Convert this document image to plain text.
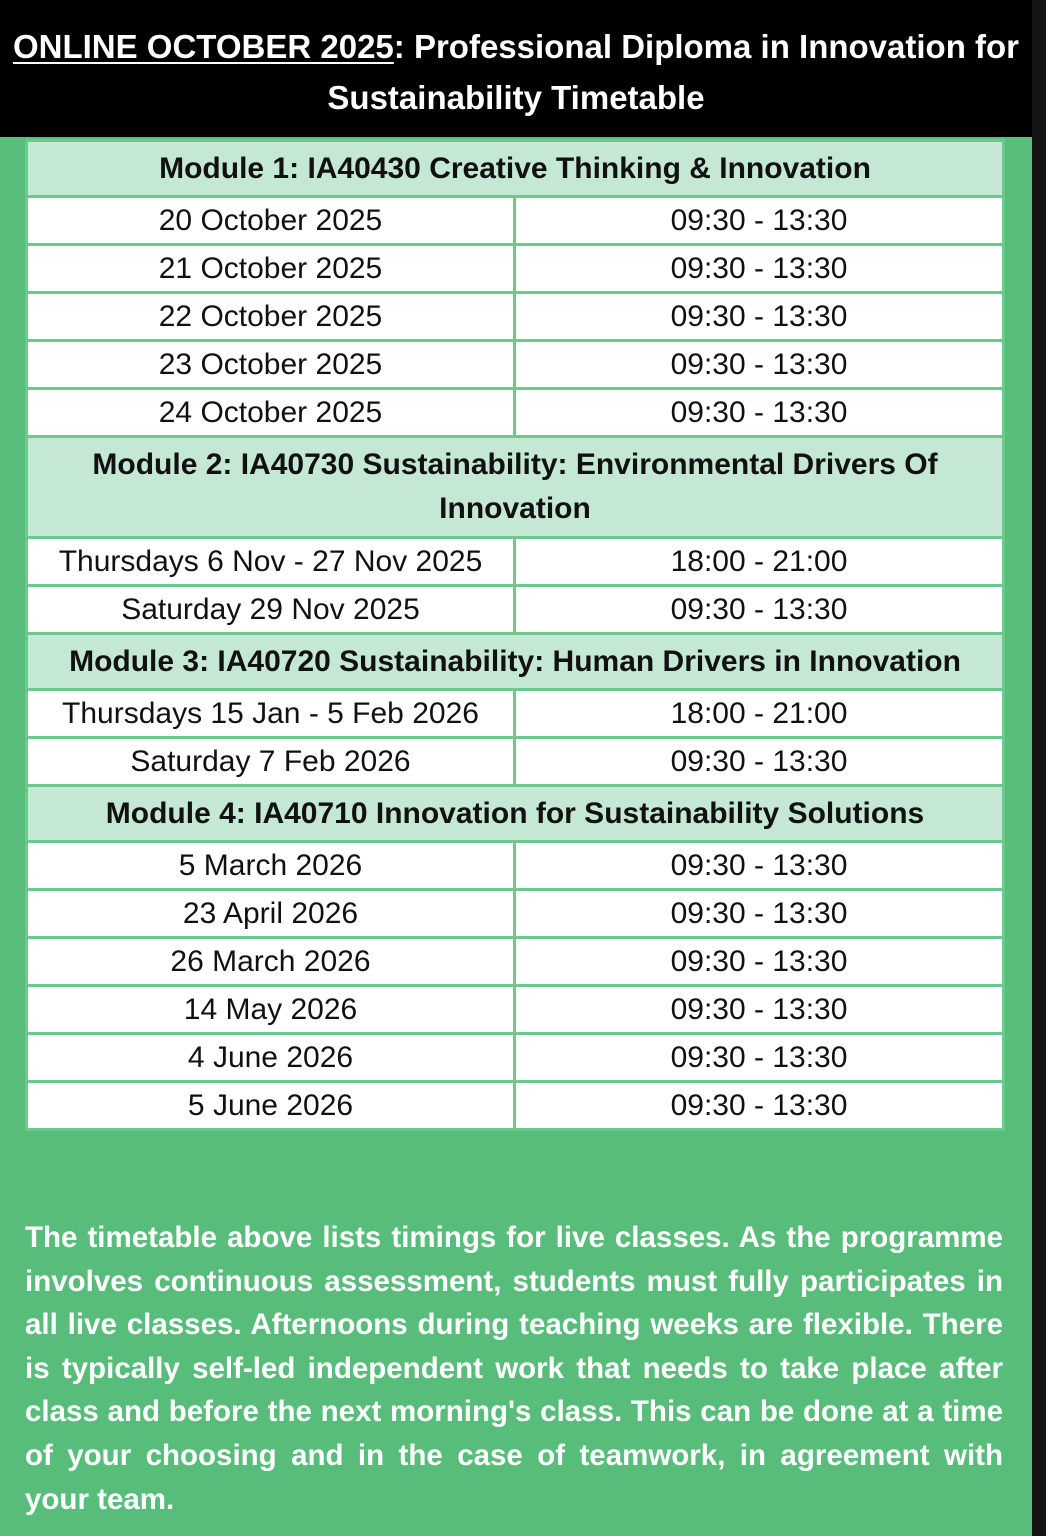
ONLINE OCTOBER 2025: Professional Diploma in Innovation for Sustainability Timetable
Module 1: IA40430 Creative Thinking & Innovation	
20 October 2025	09:30 - 13:30
21 October 2025	09:30 - 13:30
22 October 2025	09:30 - 13:30
23 October 2025	09:30 - 13:30
24 October 2025	09:30 - 13:30
Module 2: IA40730 Sustainability: Environmental Drivers Of Innovation	
Thursdays 6 Nov - 27 Nov 2025	18:00 - 21:00
Saturday 29 Nov 2025	09:30 - 13:30
Module 3: IA40720 Sustainability: Human Drivers in Innovation	
Thursdays 15 Jan - 5 Feb 2026	18:00 - 21:00
Saturday 7 Feb 2026	09:30 - 13:30
Module 4: IA40710 Innovation for Sustainability Solutions	
5 March 2026	09:30 - 13:30
23 April 2026	09:30 - 13:30
26 March 2026	09:30 - 13:30
14 May 2026	09:30 - 13:30
4 June 2026	09:30 - 13:30
5 June 2026	09:30 - 13:30
The timetable above lists timings for live classes. As the programme involves continuous assessment, students must fully participates in all live classes. Afternoons during teaching weeks are flexible. There is typically self-led independent work that needs to take place after class and before the next morning's class. This can be done at a time of your choosing and in the case of teamwork, in agreement with your team.
